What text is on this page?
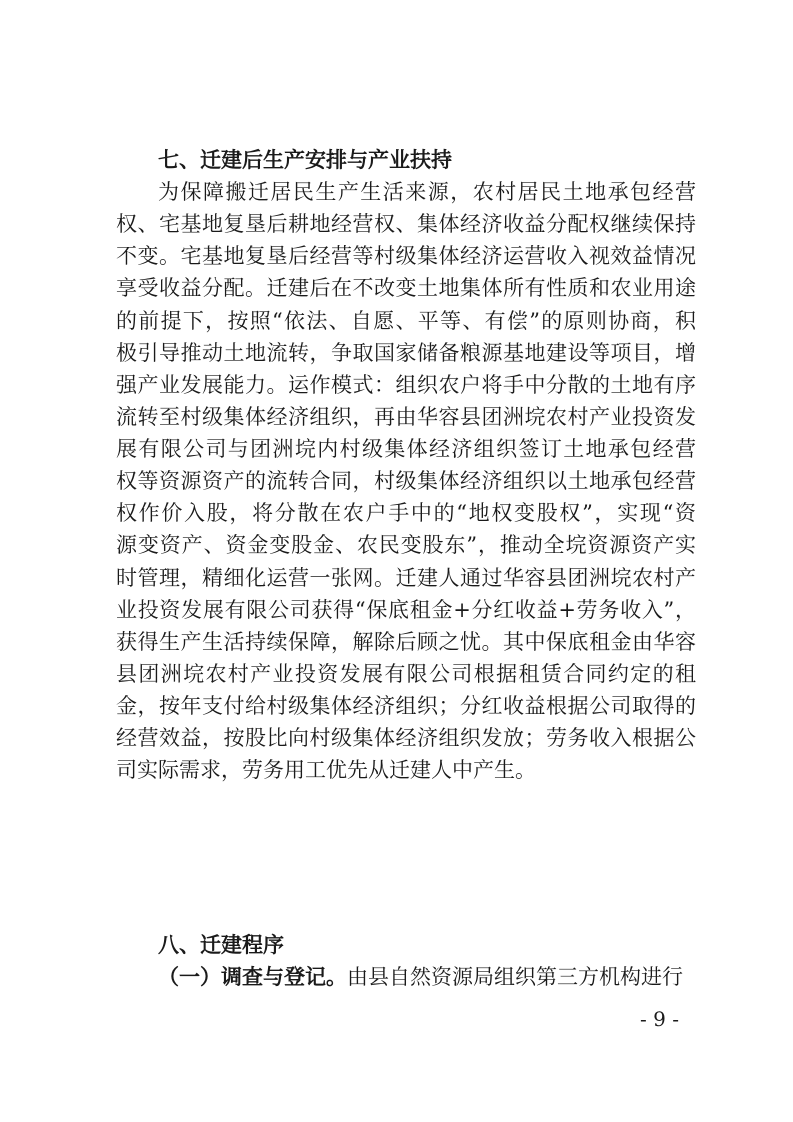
七、迁建后生产安排与产业扶持
为保障搬迁居民生产生活来源，农村居民土地承包经营
权、宅基地复垦后耕地经营权、集体经济收益分配权继续保持
不变。宅基地复垦后经营等村级集体经济运营收入视效益情况
享受收益分配。迁建后在不改变土地集体所有性质和农业用途
的前提下，按照“依法、自愿、平等、有偿”的原则协商，积
极引导推动土地流转，争取国家储备粮源基地建设等项目，增
强产业发展能力。运作模式：组织农户将手中分散的土地有序
流转至村级集体经济组织，再由华容县团洲垸农村产业投资发
展有限公司与团洲垸内村级集体经济组织签订土地承包经营
权等资源资产的流转合同，村级集体经济组织以土地承包经营
权作价入股，将分散在农户手中的“地权变股权”，实现“资
源变资产、资金变股金、农民变股东”，推动全垸资源资产实
时管理，精细化运营一张网。迁建人通过华容县团洲垸农村产
业投资发展有限公司获得“保底租金+分红收益+劳务收入”，
获得生产生活持续保障，解除后顾之忧。其中保底租金由华容
县团洲垸农村产业投资发展有限公司根据租赁合同约定的租
金，按年支付给村级集体经济组织；分红收益根据公司取得的
经营效益，按股比向村级集体经济组织发放；劳务收入根据公
司实际需求，劳务用工优先从迁建人中产生。
八、迁建程序
（一）调查与登记。由县自然资源局组织第三方机构进行
- 9 -
